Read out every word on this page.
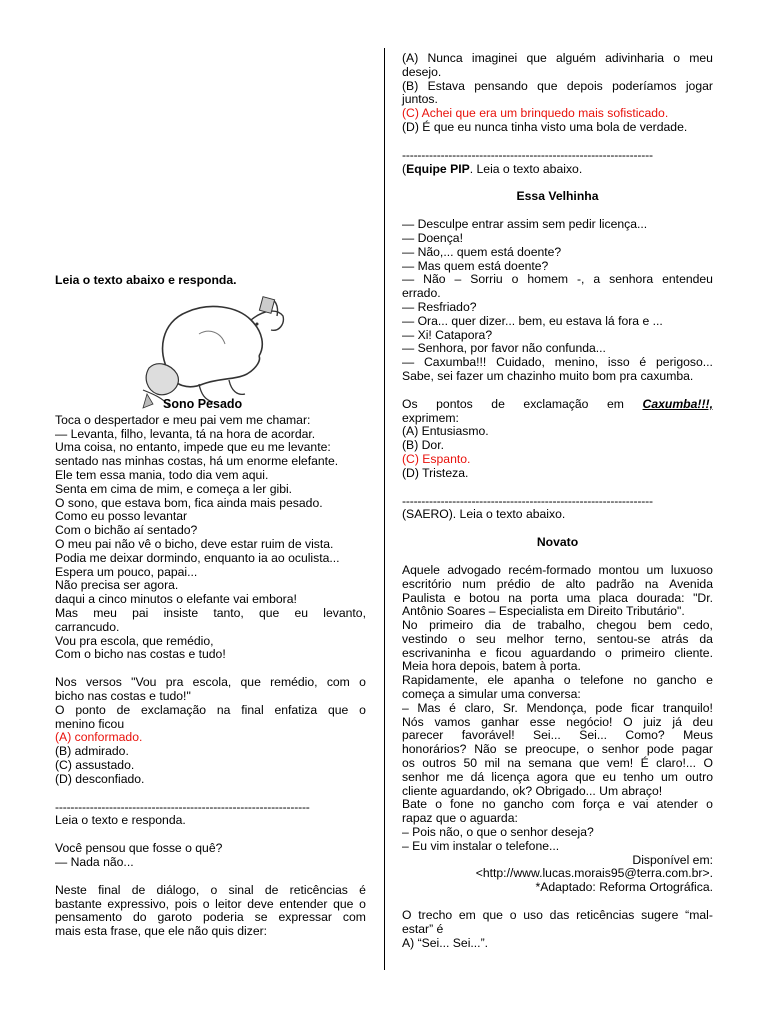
Leia o texto abaixo e responda.
Sono Pesado
Toca o despertador e meu pai vem me chamar:
— Levanta, filho, levanta, tá na hora de acordar.
Uma coisa, no entanto, impede que eu me levante:
sentado nas minhas costas, há um enorme elefante.
Ele tem essa mania, todo dia vem aqui.
Senta em cima de mim, e começa a ler gibi.
O sono, que estava bom, fica ainda mais pesado.
Como eu posso levantar
Com o bichão aí sentado?
O meu pai não vê o bicho, deve estar ruim de vista.
Podia me deixar dormindo, enquanto ia ao oculista...
Espera um pouco, papai...
Não precisa ser agora.
daqui a cinco minutos o elefante vai embora!
Mas meu pai insiste tanto, que eu levanto,
carrancudo.
Vou pra escola, que remédio,
Com o bicho nas costas e tudo!
Nos versos "Vou pra escola, que remédio, com o
bicho nas costas e tudo!"
O ponto de exclamação na final enfatiza que o
menino ficou
(A) conformado.
(B) admirado.
(C) assustado.
(D) desconfiado.
------------------------------------------------------------------
Leia o texto e responda.
Você pensou que fosse o quê?
— Nada não...
Neste final de diálogo, o sinal de reticências é
bastante expressivo, pois o leitor deve entender que o
pensamento do garoto poderia se expressar com
mais esta frase, que ele não quis dizer:
(A) Nunca imaginei que alguém adivinharia o meu
desejo.
(B) Estava pensando que depois poderíamos jogar
juntos.
(C) Achei que era um brinquedo mais sofisticado.
(D) É que eu nunca tinha visto uma bola de verdade.
-----------------------------------------------------------------
(Equipe PIP. Leia o texto abaixo.
Essa Velhinha
— Desculpe entrar assim sem pedir licença...
— Doença!
— Não,... quem está doente?
— Mas quem está doente?
— Não – Sorriu o homem -, a senhora entendeu
errado.
— Resfriado?
— Ora... quer dizer... bem, eu estava lá fora e ...
— Xi! Catapora?
— Senhora, por favor não confunda...
— Caxumba!!! Cuidado, menino, isso é perigoso...
Sabe, sei fazer um chazinho muito bom pra caxumba.
Os pontos de exclamação em Caxumba!!!,
exprimem:
(A) Entusiasmo.
(B) Dor.
(C) Espanto.
(D) Tristeza.
-----------------------------------------------------------------
(SAERO). Leia o texto abaixo.
Novato
Aquele advogado recém-formado montou um luxuoso
escritório num prédio de alto padrão na Avenida
Paulista e botou na porta uma placa dourada: "Dr.
Antônio Soares – Especialista em Direito Tributário".
No primeiro dia de trabalho, chegou bem cedo,
vestindo o seu melhor terno, sentou-se atrás da
escrivaninha e ficou aguardando o primeiro cliente.
Meia hora depois, batem à porta.
Rapidamente, ele apanha o telefone no gancho e
começa a simular uma conversa:
– Mas é claro, Sr. Mendonça, pode ficar tranquilo!
Nós vamos ganhar esse negócio! O juiz já deu
parecer favorável! Sei... Sei... Como? Meus
honorários? Não se preocupe, o senhor pode pagar
os outros 50 mil na semana que vem! É claro!... O
senhor me dá licença agora que eu tenho um outro
cliente aguardando, ok? Obrigado... Um abraço!
Bate o fone no gancho com força e vai atender o
rapaz que o aguarda:
– Pois não, o que o senhor deseja?
– Eu vim instalar o telefone...
Disponível em:
<http://www.lucas.morais95@terra.com.br>.
*Adaptado: Reforma Ortográfica.
O trecho em que o uso das reticências sugere “mal-
estar” é
A) “Sei... Sei...”.
